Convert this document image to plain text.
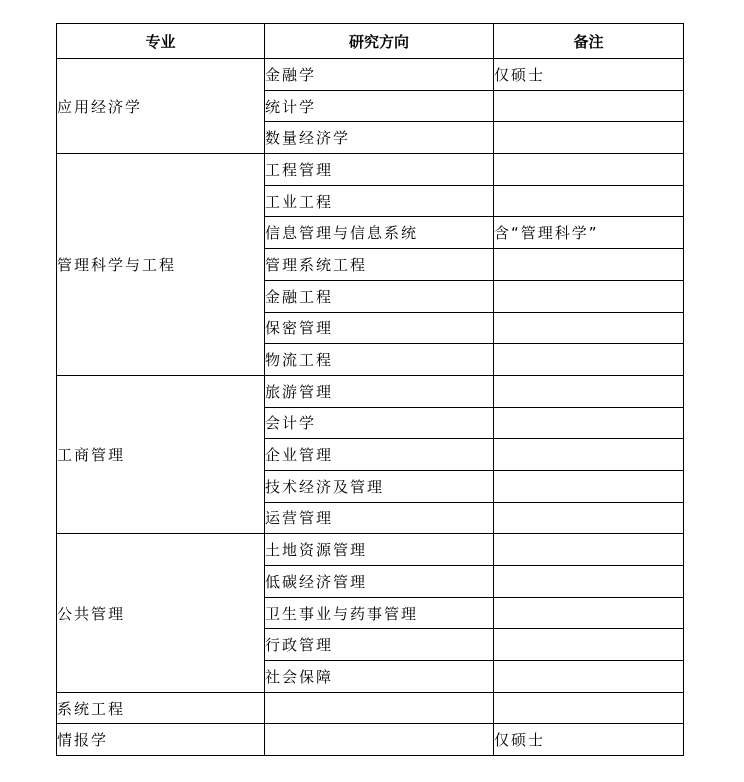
专业	研究方向	备注
应用经济学	金融学	仅硕士
	统计学	
	数量经济学	
管理科学与工程	工程管理	
	工业工程	
	信息管理与信息系统	含“管理科学”
	管理系统工程	
	金融工程	
	保密管理	
	物流工程	
工商管理	旅游管理	
	会计学	
	企业管理	
	技术经济及管理	
	运营管理	
公共管理	土地资源管理	
	低碳经济管理	
	卫生事业与药事管理	
	行政管理	
	社会保障	
系统工程		
情报学		仅硕士
